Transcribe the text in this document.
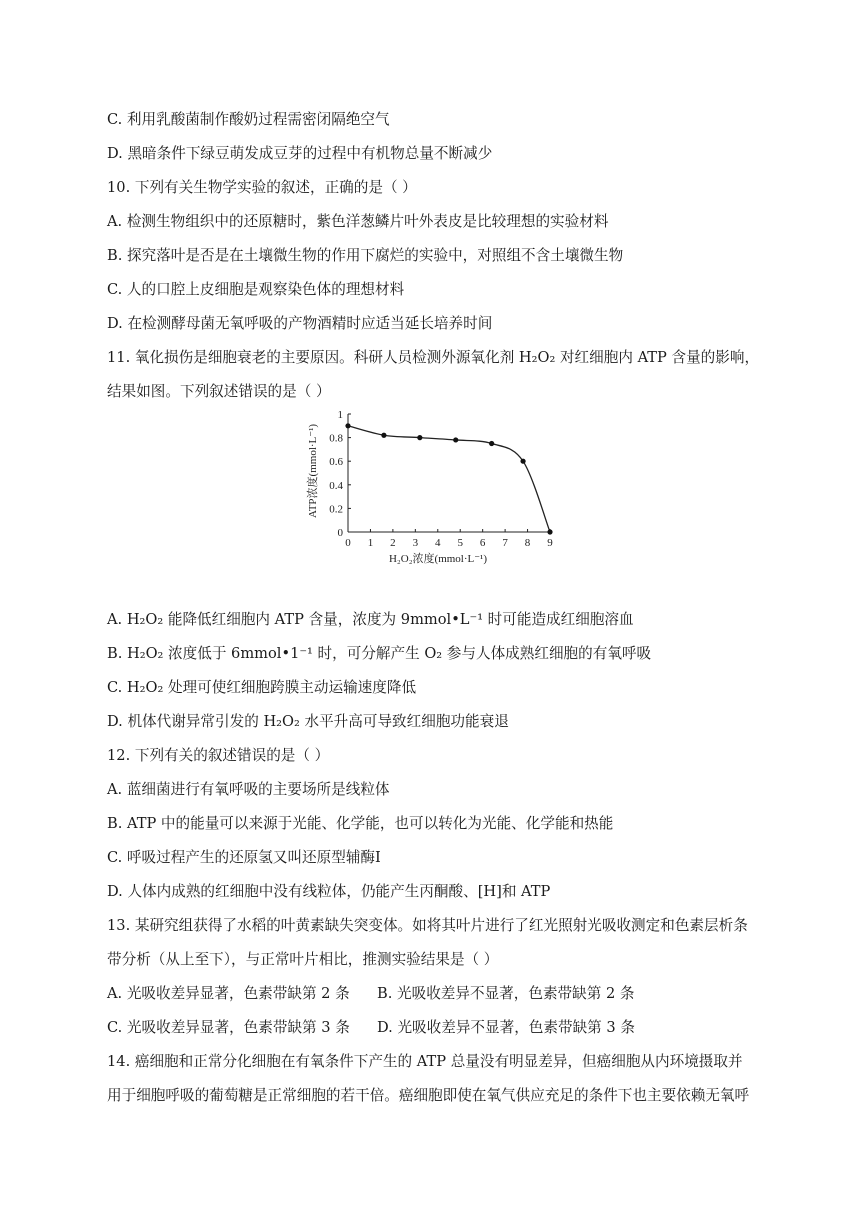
C. 利用乳酸菌制作酸奶过程需密闭隔绝空气
D. 黑暗条件下绿豆萌发成豆芽的过程中有机物总量不断减少
10. 下列有关生物学实验的叙述，正确的是（ ）
A. 检测生物组织中的还原糖时，紫色洋葱鳞片叶外表皮是比较理想的实验材料
B. 探究落叶是否是在土壤微生物的作用下腐烂的实验中，对照组不含土壤微生物
C. 人的口腔上皮细胞是观察染色体的理想材料
D. 在检测酵母菌无氧呼吸的产物酒精时应适当延长培养时间
11. 氧化损伤是细胞衰老的主要原因。科研人员检测外源氧化剂 H₂O₂ 对红细胞内 ATP 含量的影响，
结果如图。下列叙述错误的是（ ）
0
0.2
0.4
0.6
0.8
1
0 1 2 3 4 5 6 7 8 9
ATP浓度(mmol·L⁻¹)
H₂O₂浓度(mmol·L⁻¹)
A. H₂O₂ 能降低红细胞内 ATP 含量，浓度为 9mmol•L⁻¹ 时可能造成红细胞溶血
B. H₂O₂ 浓度低于 6mmol•1⁻¹ 时，可分解产生 O₂ 参与人体成熟红细胞的有氧呼吸
C. H₂O₂ 处理可使红细胞跨膜主动运输速度降低
D. 机体代谢异常引发的 H₂O₂ 水平升高可导致红细胞功能衰退
12. 下列有关的叙述错误的是（ ）
A. 蓝细菌进行有氧呼吸的主要场所是线粒体
B. ATP 中的能量可以来源于光能、化学能，也可以转化为光能、化学能和热能
C. 呼吸过程产生的还原氢又叫还原型辅酶I
D. 人体内成熟的红细胞中没有线粒体，仍能产生丙酮酸、[H]和 ATP
13. 某研究组获得了水稻的叶黄素缺失突变体。如将其叶片进行了红光照射光吸收测定和色素层析条
带分析（从上至下），与正常叶片相比，推测实验结果是（ ）
A. 光吸收差异显著，色素带缺第 2 条 B. 光吸收差异不显著，色素带缺第 2 条
C. 光吸收差异显著，色素带缺第 3 条 D. 光吸收差异不显著，色素带缺第 3 条
14. 癌细胞和正常分化细胞在有氧条件下产生的 ATP 总量没有明显差异，但癌细胞从内环境摄取并
用于细胞呼吸的葡萄糖是正常细胞的若干倍。癌细胞即使在氧气供应充足的条件下也主要依赖无氧呼
